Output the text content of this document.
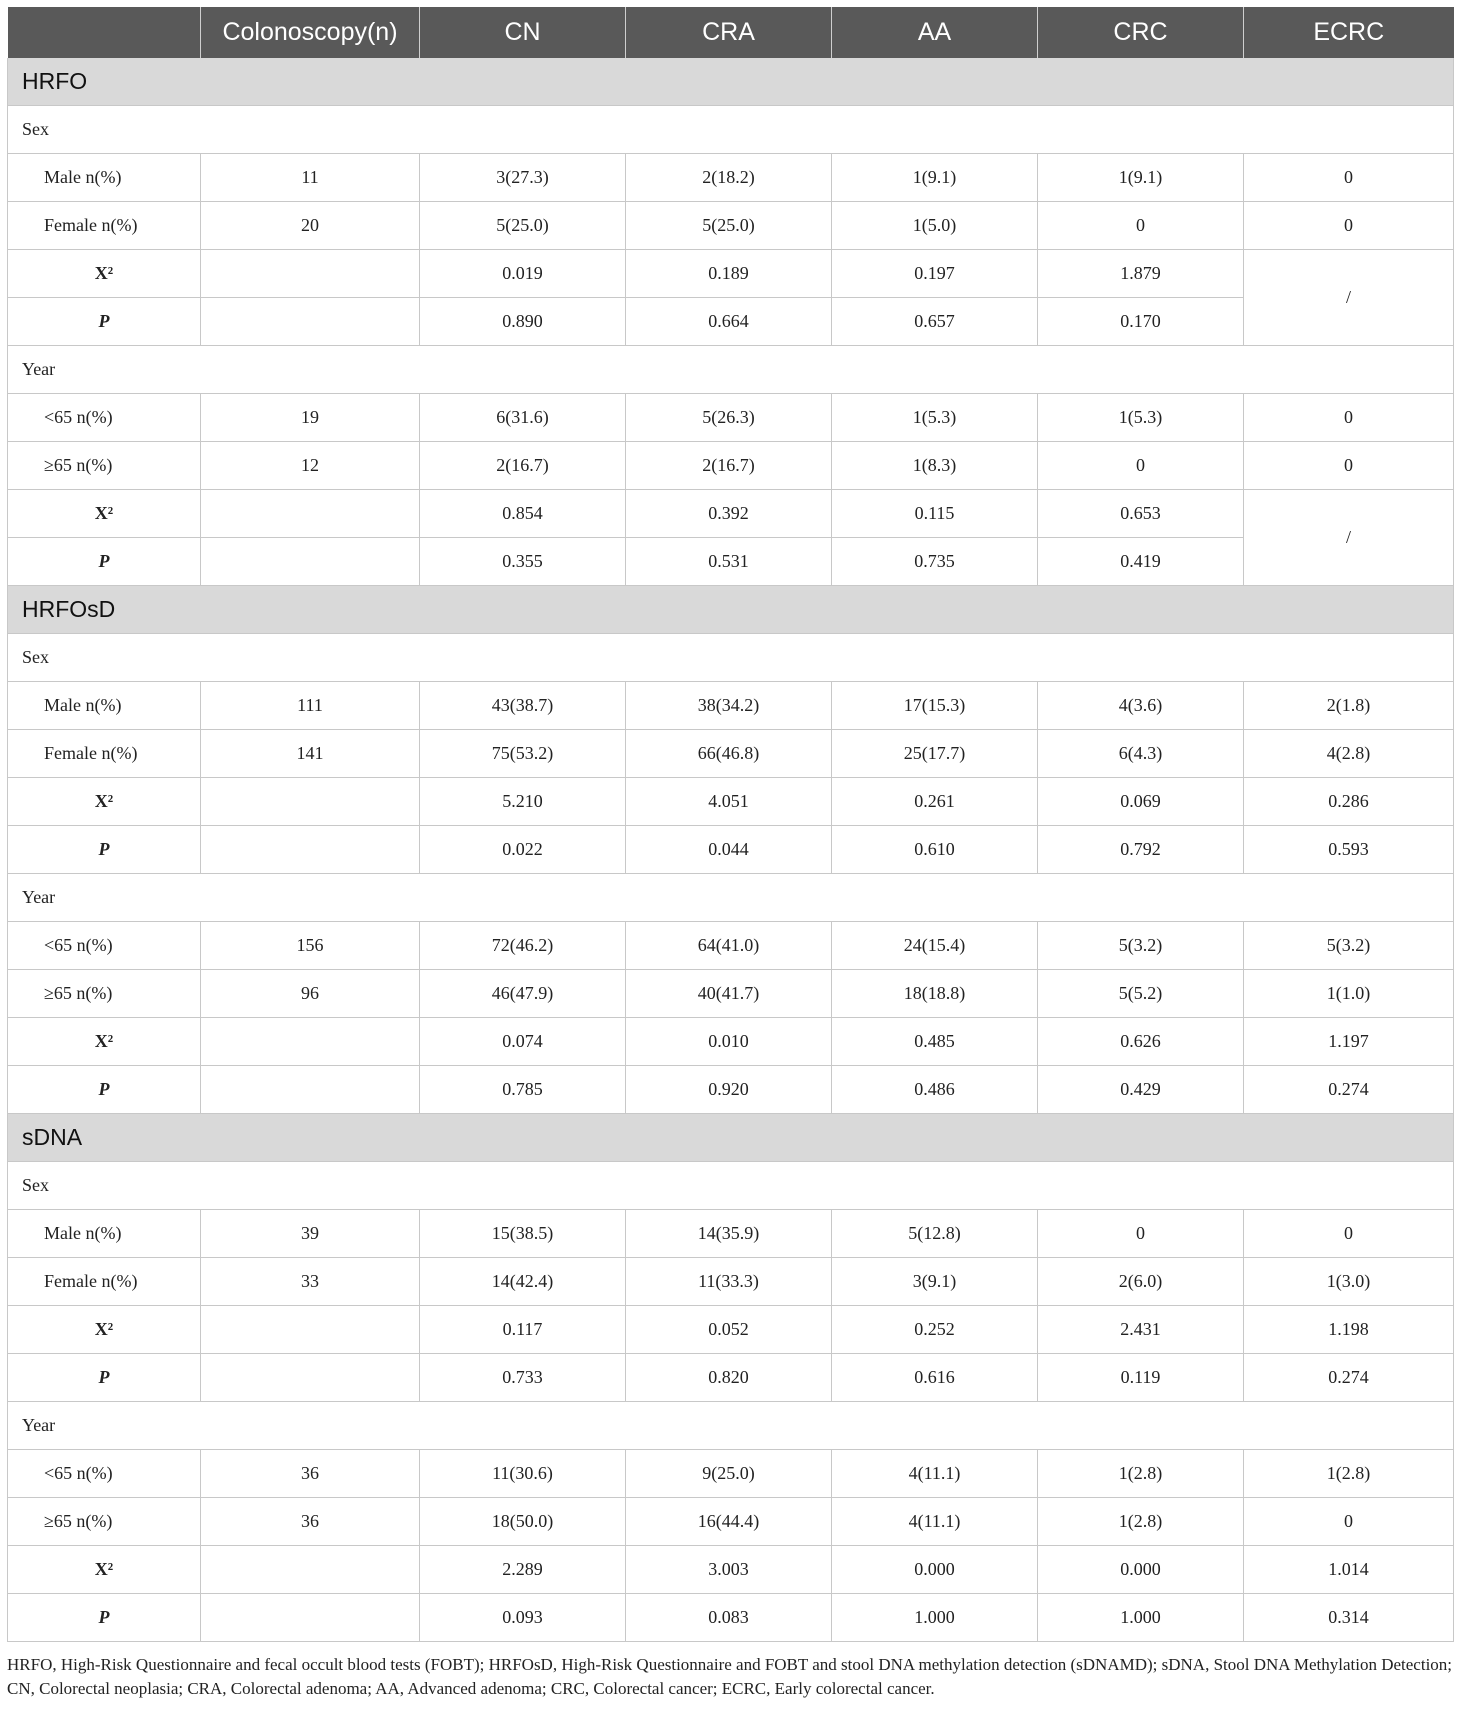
	Colonoscopy(n)	CN	CRA	AA	CRC	ECRC
HRFO						
Sex						
Male n(%)	11	3(27.3)	2(18.2)	1(9.1)	1(9.1)	0
Female n(%)	20	5(25.0)	5(25.0)	1(5.0)	0	0
X²		0.019	0.189	0.197	1.879	/
P		0.890	0.664	0.657	0.170	
Year						
<65 n(%)	19	6(31.6)	5(26.3)	1(5.3)	1(5.3)	0
≥65 n(%)	12	2(16.7)	2(16.7)	1(8.3)	0	0
X²		0.854	0.392	0.115	0.653	/
P		0.355	0.531	0.735	0.419	
HRFOsD						
Sex						
Male n(%)	111	43(38.7)	38(34.2)	17(15.3)	4(3.6)	2(1.8)
Female n(%)	141	75(53.2)	66(46.8)	25(17.7)	6(4.3)	4(2.8)
X²		5.210	4.051	0.261	0.069	0.286
P		0.022	0.044	0.610	0.792	0.593
Year						
<65 n(%)	156	72(46.2)	64(41.0)	24(15.4)	5(3.2)	5(3.2)
≥65 n(%)	96	46(47.9)	40(41.7)	18(18.8)	5(5.2)	1(1.0)
X²		0.074	0.010	0.485	0.626	1.197
P		0.785	0.920	0.486	0.429	0.274
sDNA						
Sex						
Male n(%)	39	15(38.5)	14(35.9)	5(12.8)	0	0
Female n(%)	33	14(42.4)	11(33.3)	3(9.1)	2(6.0)	1(3.0)
X²		0.117	0.052	0.252	2.431	1.198
P		0.733	0.820	0.616	0.119	0.274
Year						
<65 n(%)	36	11(30.6)	9(25.0)	4(11.1)	1(2.8)	1(2.8)
≥65 n(%)	36	18(50.0)	16(44.4)	4(11.1)	1(2.8)	0
X²		2.289	3.003	0.000	0.000	1.014
P		0.093	0.083	1.000	1.000	0.314
HRFO, High-Risk Questionnaire and fecal occult blood tests (FOBT); HRFOsD, High-Risk Questionnaire and FOBT and stool DNA methylation detection (sDNAMD); sDNA, Stool DNA Methylation Detection; CN, Colorectal neoplasia; CRA, Colorectal adenoma; AA, Advanced adenoma; CRC, Colorectal cancer; ECRC, Early colorectal cancer.
